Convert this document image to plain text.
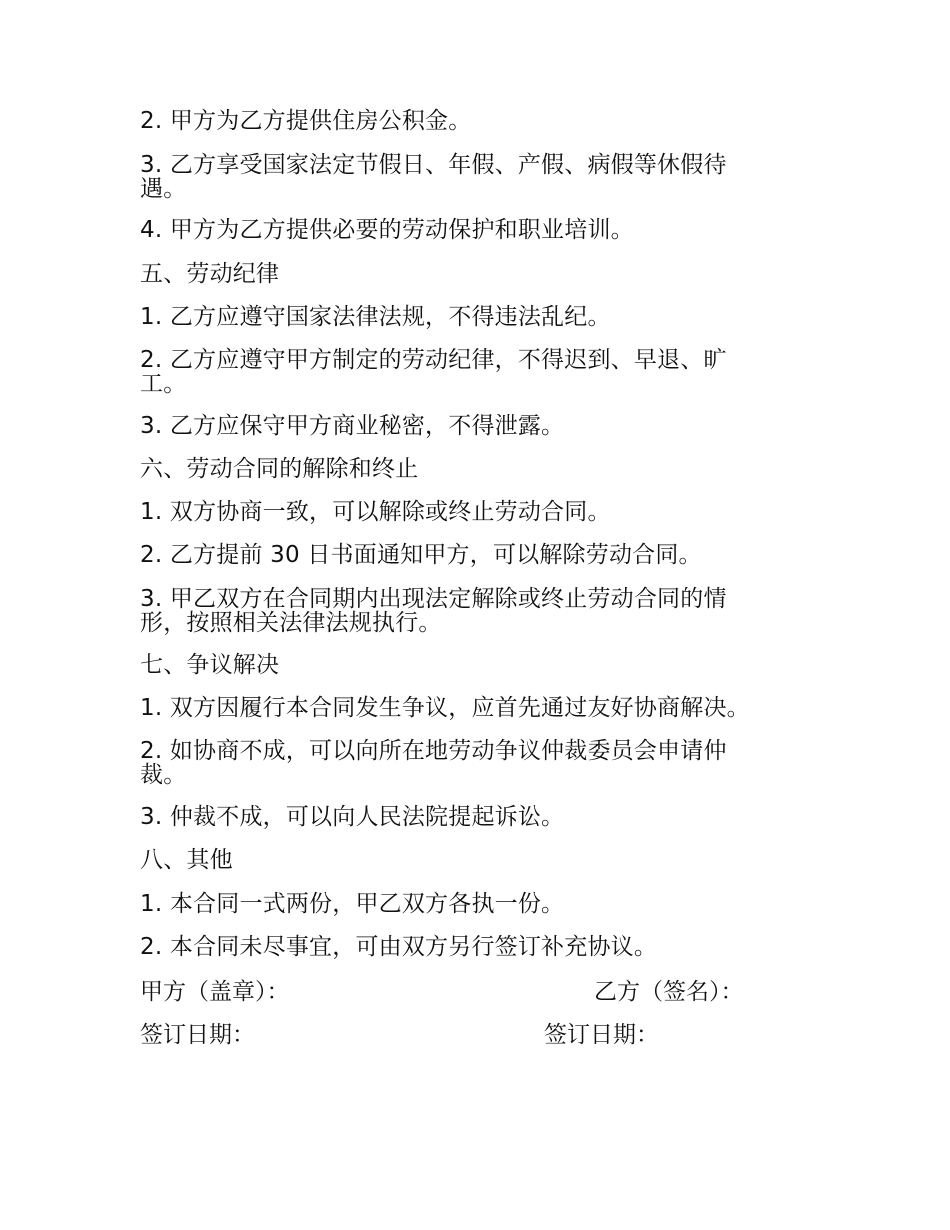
2. 甲方为乙方提供住房公积金。
3. 乙方享受国家法定节假日、年假、产假、病假等休假待遇。
4. 甲方为乙方提供必要的劳动保护和职业培训。
五、劳动纪律
1. 乙方应遵守国家法律法规，不得违法乱纪。
2. 乙方应遵守甲方制定的劳动纪律，不得迟到、早退、旷工。
3. 乙方应保守甲方商业秘密，不得泄露。
六、劳动合同的解除和终止
1. 双方协商一致，可以解除或终止劳动合同。
2. 乙方提前 30 日书面通知甲方，可以解除劳动合同。
3. 甲乙双方在合同期内出现法定解除或终止劳动合同的情形，按照相关法律法规执行。
七、争议解决
1. 双方因履行本合同发生争议，应首先通过友好协商解决。
2. 如协商不成，可以向所在地劳动争议仲裁委员会申请仲裁。
3. 仲裁不成，可以向人民法院提起诉讼。
八、其他
1. 本合同一式两份，甲乙双方各执一份。
2. 本合同未尽事宜，可由双方另行签订补充协议。
甲方（盖章）：	乙方（签名）：
签订日期：	签订日期：
